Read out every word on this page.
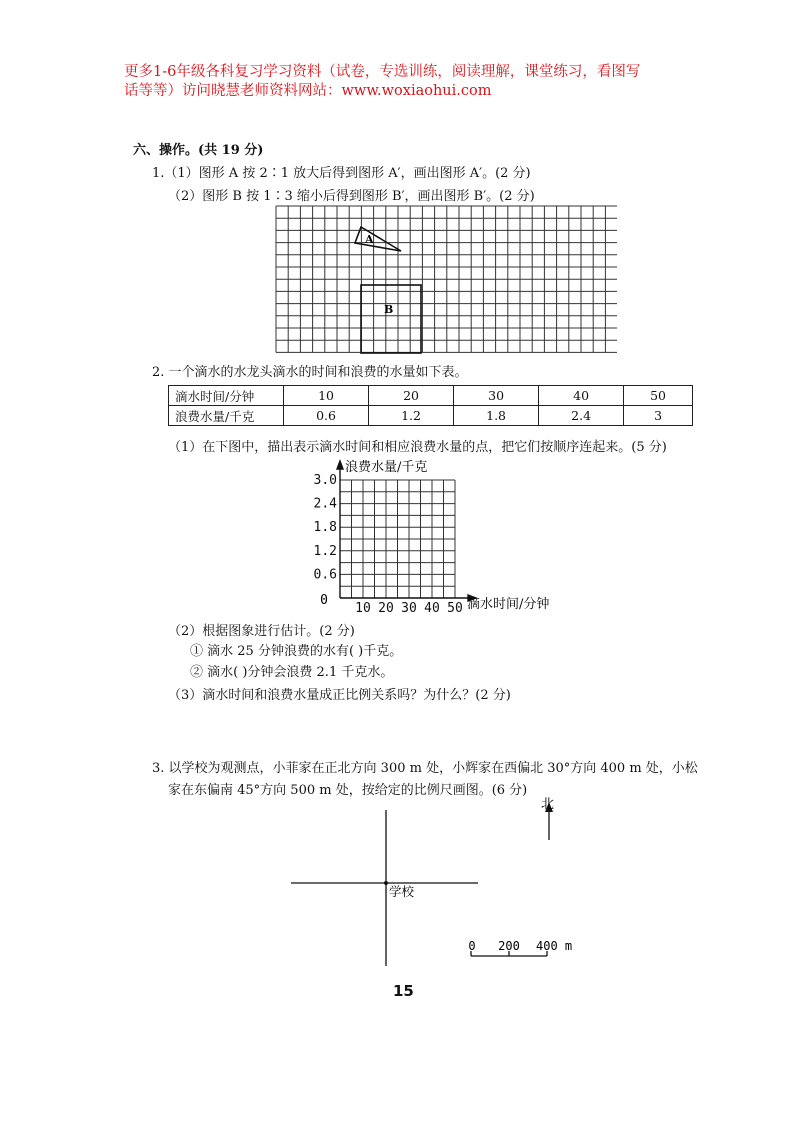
更多1-6年级各科复习学习资料（试卷，专选训练，阅读理解，课堂练习，看图写
话等等）访问晓慧老师资料网站：www.woxiaohui.com
六、操作。(共 19 分)
1.（1）图形 A 按 2∶1 放大后得到图形 A′，画出图形 A′。(2 分)
（2）图形 B 按 1∶3 缩小后得到图形 B′，画出图形 B′。(2 分)
A
B
2. 一个滴水的水龙头滴水的时间和浪费的水量如下表。
滴水时间/分钟	10	20	30	40	50
浪费水量/千克	0.6	1.2	1.8	2.4	3
（1）在下图中，描出表示滴水时间和相应浪费水量的点，把它们按顺序连起来。(5 分)
0.6
1.2
1.8
2.4
3.0
10 20 30 40 50
浪费水量/千克
滴水时间/分钟
0
（2）根据图象进行估计。(2 分)
① 滴水 25 分钟浪费的水有( )千克。
② 滴水( )分钟会浪费 2.1 千克水。
（3）滴水时间和浪费水量成正比例关系吗？为什么？(2 分)
3. 以学校为观测点，小菲家在正北方向 300 m 处，小辉家在西偏北 30°方向 400 m 处，小松
家在东偏南 45°方向 500 m 处，按给定的比例尺画图。(6 分)
学校
北
0 200 400 m
15
